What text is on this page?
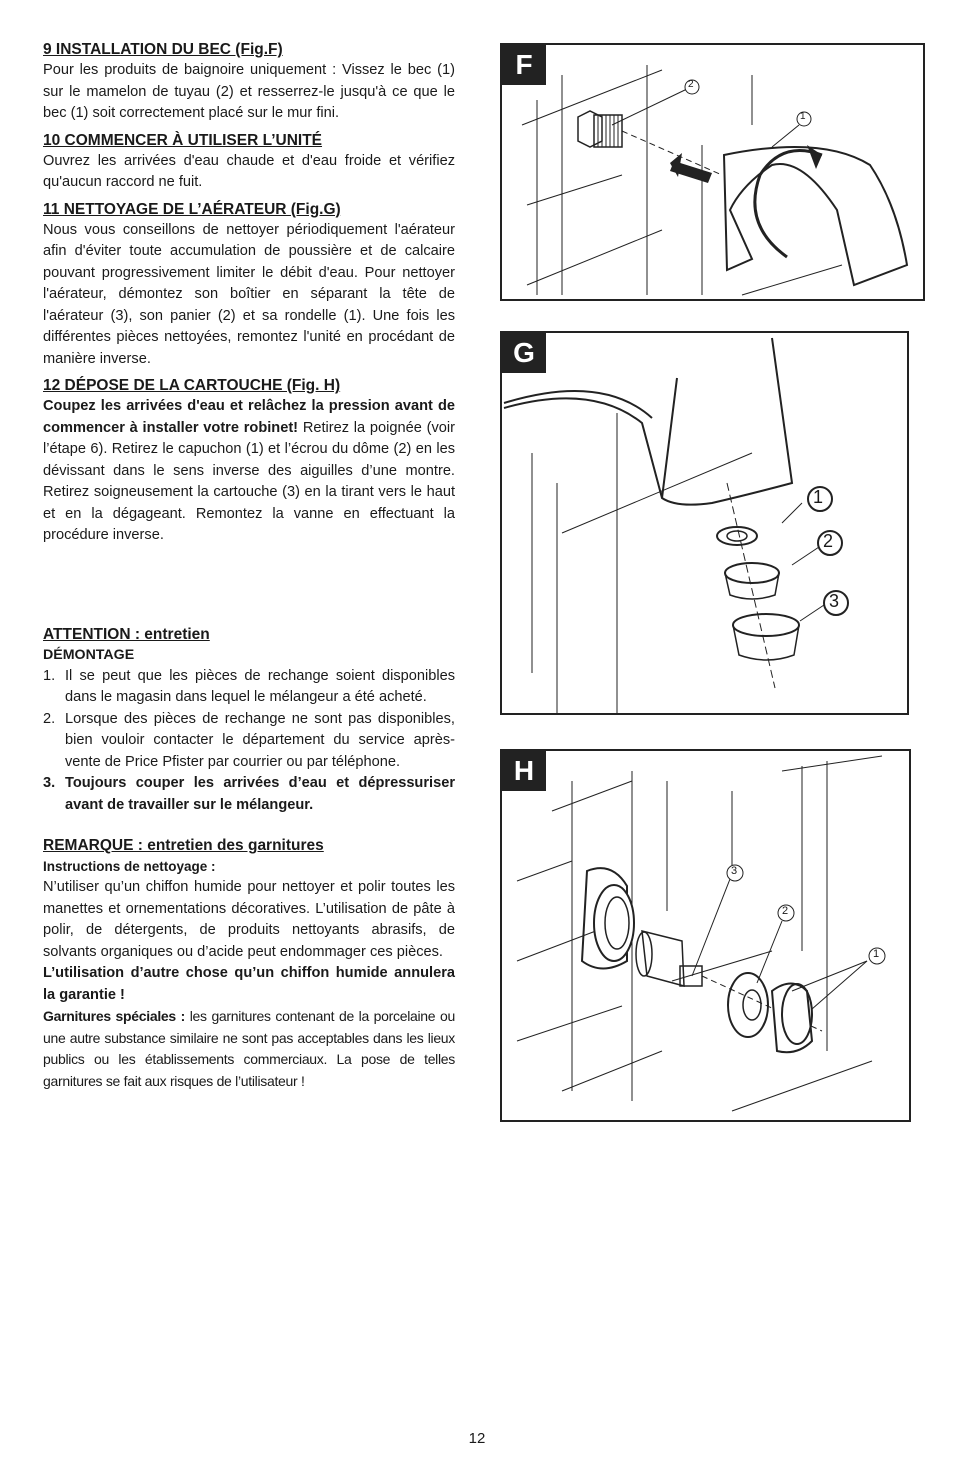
9 INSTALLATION DU BEC (Fig.F)

Pour les produits de baignoire uniquement : Vissez le bec (1) sur le mamelon de tuyau (2) et resserrez-le jusqu'à ce que le bec (1) soit correctement placé sur le mur fini.

10 COMMENCER À UTILISER L’UNITÉ

Ouvrez les arrivées d'eau chaude et d'eau froide et vérifiez qu'aucun raccord ne fuit.

11 NETTOYAGE DE L’AÉRATEUR (Fig.G)

Nous vous conseillons de nettoyer périodiquement l'aérateur afin d'éviter toute accumulation de poussière et de calcaire pouvant progressivement limiter le débit d'eau. Pour nettoyer l'aérateur, démontez son boîtier en séparant la tête de l'aérateur (3), son panier (2) et sa rondelle (1). Une fois les différentes pièces nettoyées, remontez l'unité en procédant de manière inverse.

12 DÉPOSE DE LA CARTOUCHE (Fig. H)

Coupez les arrivées d'eau et relâchez la pression avant de commencer à installer votre robinet! Retirez la poignée (voir l’étape 6). Retirez le capuchon (1) et l’écrou du dôme (2) en les dévissant dans le sens inverse des aiguilles d’une montre. Retirez soigneusement la cartouche (3) en la tirant vers le haut et en la dégageant. Remontez la vanne en effectuant la procédure inverse.

ATTENTION : entretien
DÉMONTAGE
1. Il se peut que les pièces de rechange soient disponibles dans le magasin dans lequel le mélangeur a été acheté.
2. Lorsque des pièces de rechange ne sont pas disponibles, bien vouloir contacter le département du service après-vente de Price Pfister par courrier ou par téléphone.
3. Toujours couper les arrivées d’eau et dépressuriser avant de travailler sur le mélangeur.
REMARQUE : entretien des garnitures
Instructions de nettoyage :

N’utiliser qu’un chiffon humide pour nettoyer et polir toutes les manettes et ornementations décoratives. L’utilisation de pâte à polir, de détergents, de produits nettoyants abrasifs, de solvants organiques ou d’acide peut endommager ces pièces.

L’utilisation d’autre chose qu’un chiffon humide annulera la garantie !

Garnitures spéciales : les garnitures contenant de la porcelaine ou une autre substance similaire ne sont pas acceptables dans les lieux publics ou les établissements commerciaux. La pose de telles garnitures se fait aux risques de l’utilisateur !

F
2
1
G
1
2
3
H
3
2
1
12
